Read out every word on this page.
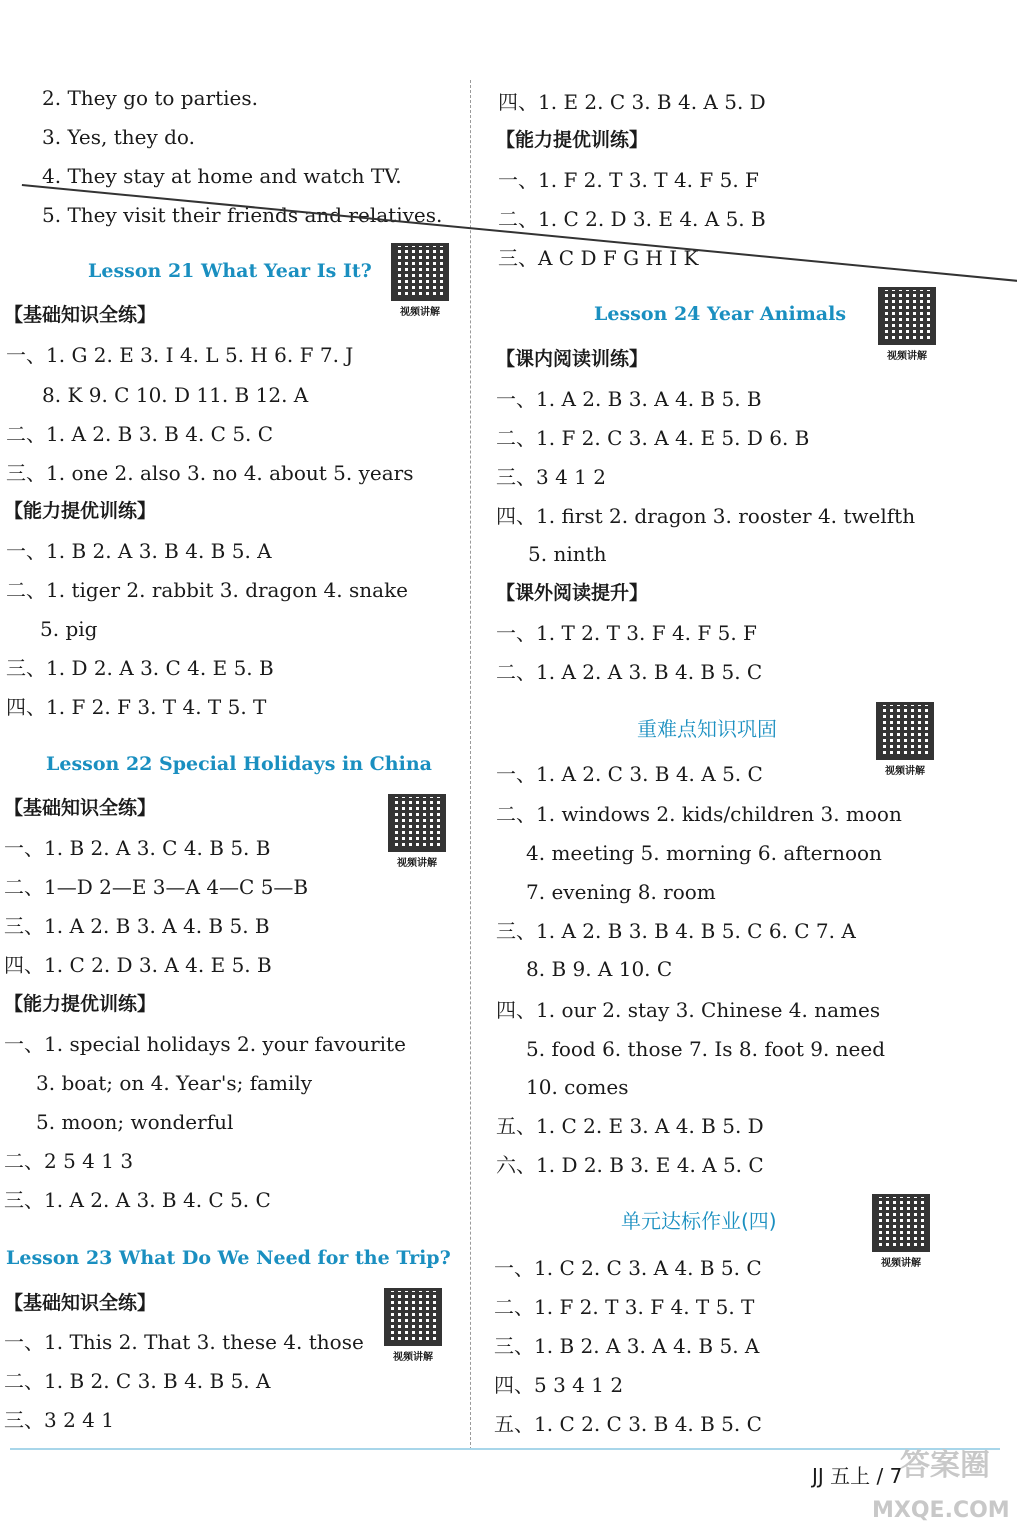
2. They go to parties.
3. Yes, they do.
4. They stay at home and watch TV.
5. They visit their friends and relatives.
Lesson 21 What Year Is It?
视频讲解
【基础知识全练】
一、1. G 2. E 3. I 4. L 5. H 6. F 7. J
8. K 9. C 10. D 11. B 12. A
二、1. A 2. B 3. B 4. C 5. C
三、1. one 2. also 3. no 4. about 5. years
【能力提优训练】
一、1. B 2. A 3. B 4. B 5. A
二、1. tiger 2. rabbit 3. dragon 4. snake
5. pig
三、1. D 2. A 3. C 4. E 5. B
四、1. F 2. F 3. T 4. T 5. T
Lesson 22 Special Holidays in China
视频讲解
【基础知识全练】
一、1. B 2. A 3. C 4. B 5. B
二、1—D 2—E 3—A 4—C 5—B
三、1. A 2. B 3. A 4. B 5. B
四、1. C 2. D 3. A 4. E 5. B
【能力提优训练】
一、1. special holidays 2. your favourite
3. boat; on 4. Year's; family
5. moon; wonderful
二、2 5 4 1 3
三、1. A 2. A 3. B 4. C 5. C
Lesson 23 What Do We Need for the Trip?
视频讲解
【基础知识全练】
一、1. This 2. That 3. these 4. those
二、1. B 2. C 3. B 4. B 5. A
三、3 2 4 1
四、1. E 2. C 3. B 4. A 5. D
【能力提优训练】
一、1. F 2. T 3. T 4. F 5. F
二、1. C 2. D 3. E 4. A 5. B
三、A C D F G H I K
Lesson 24 Year Animals
视频讲解
【课内阅读训练】
一、1. A 2. B 3. A 4. B 5. B
二、1. F 2. C 3. A 4. E 5. D 6. B
三、3 4 1 2
四、1. first 2. dragon 3. rooster 4. twelfth
5. ninth
【课外阅读提升】
一、1. T 2. T 3. F 4. F 5. F
二、1. A 2. A 3. B 4. B 5. C
重难点知识巩固
视频讲解
一、1. A 2. C 3. B 4. A 5. C
二、1. windows 2. kids/children 3. moon
4. meeting 5. morning 6. afternoon
7. evening 8. room
三、1. A 2. B 3. B 4. B 5. C 6. C 7. A
8. B 9. A 10. C
四、1. our 2. stay 3. Chinese 4. names
5. food 6. those 7. Is 8. foot 9. need
10. comes
五、1. C 2. E 3. A 4. B 5. D
六、1. D 2. B 3. E 4. A 5. C
单元达标作业(四)
视频讲解
一、1. C 2. C 3. A 4. B 5. C
二、1. F 2. T 3. F 4. T 5. T
三、1. B 2. A 3. A 4. B 5. A
四、5 3 4 1 2
五、1. C 2. C 3. B 4. B 5. C
JJ 五上 / 7
答案圈
MXQE.COM
